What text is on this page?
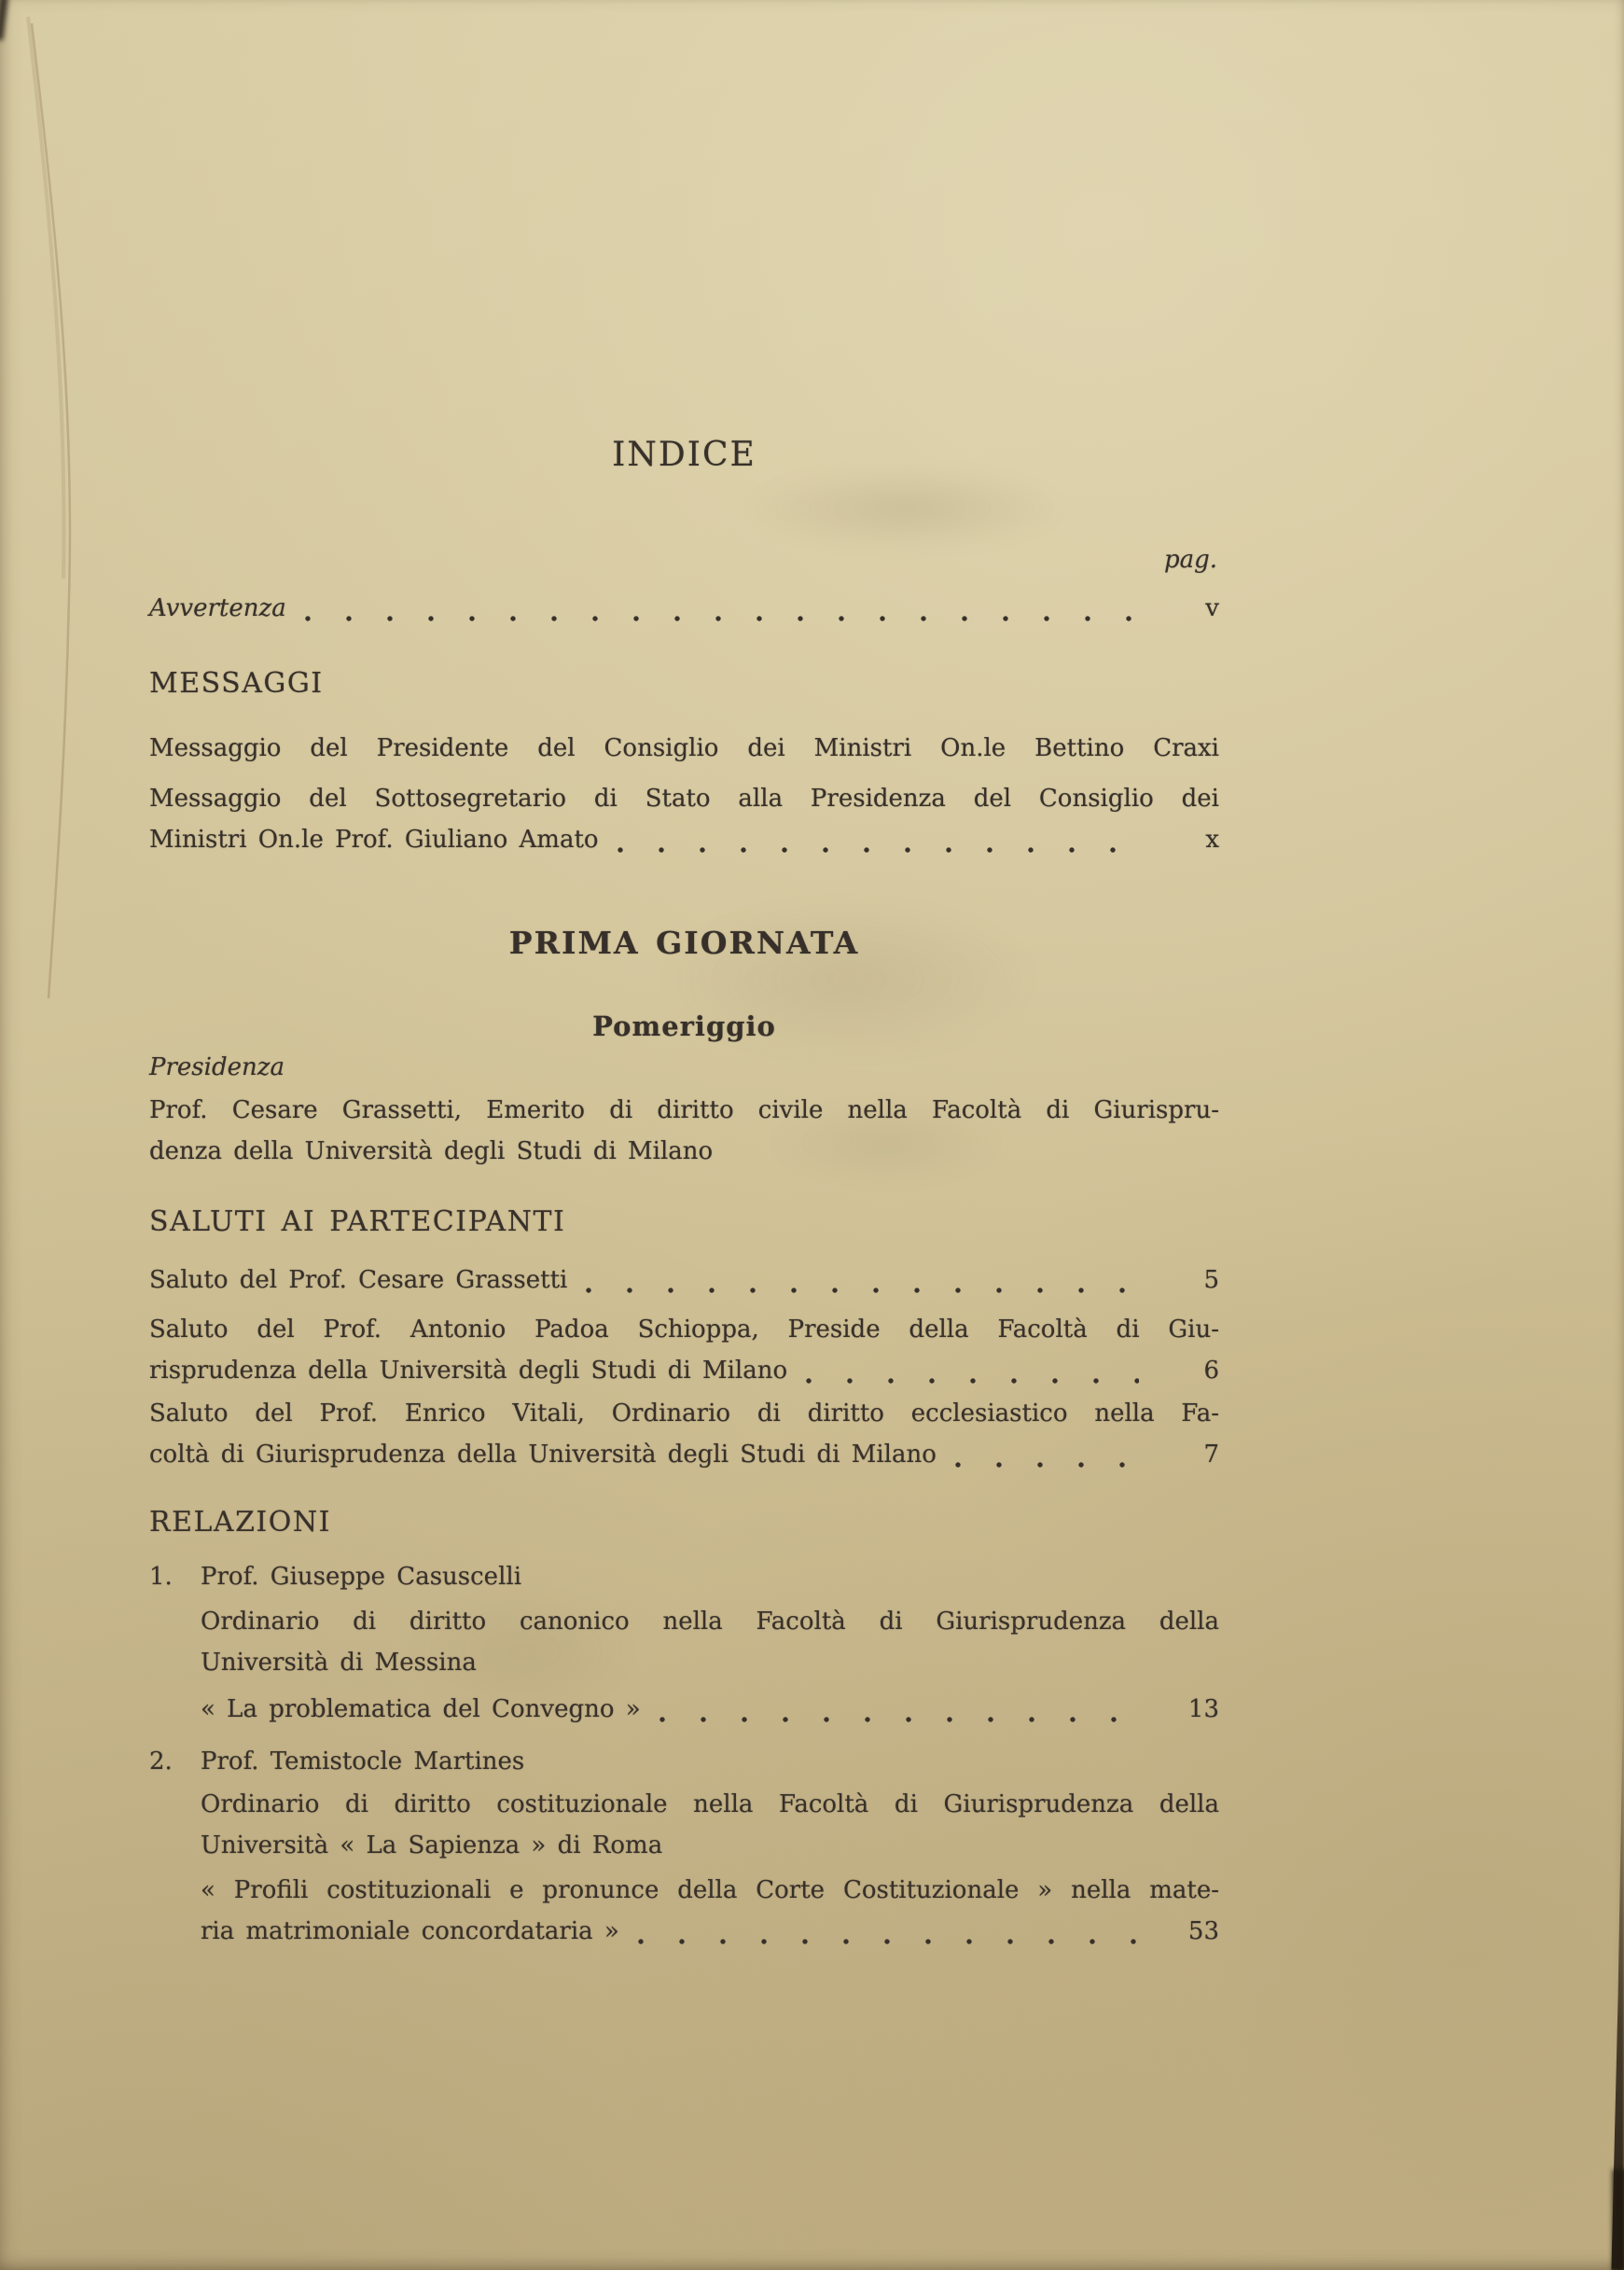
INDICE
pag.
Avvertenza	v
MESSAGGI
Messaggio del Presidente del Consiglio dei Ministri On.le Bettino Craxi
Messaggio del Sottosegretario di Stato alla Presidenza del Consiglio dei
Ministri On.le Prof. Giuliano Amato	x
PRIMA GIORNATA
Pomeriggio
Presidenza
Prof. Cesare Grassetti, Emerito di diritto civile nella Facoltà di Giurispru-
denza della Università degli Studi di Milano
SALUTI AI PARTECIPANTI
Saluto del Prof. Cesare Grassetti	5
Saluto del Prof. Antonio Padoa Schioppa, Preside della Facoltà di Giu-
risprudenza della Università degli Studi di Milano	6
Saluto del Prof. Enrico Vitali, Ordinario di diritto ecclesiastico nella Fa-
coltà di Giurisprudenza della Università degli Studi di Milano	7
RELAZIONI
1.	Prof. Giuseppe Casuscelli
Ordinario di diritto canonico nella Facoltà di Giurisprudenza della
Università di Messina
« La problematica del Convegno »	13
2.	Prof. Temistocle Martines
Ordinario di diritto costituzionale nella Facoltà di Giurisprudenza della
Università « La Sapienza » di Roma
« Profili costituzionali e pronunce della Corte Costituzionale » nella mate-
ria matrimoniale concordataria »	53
